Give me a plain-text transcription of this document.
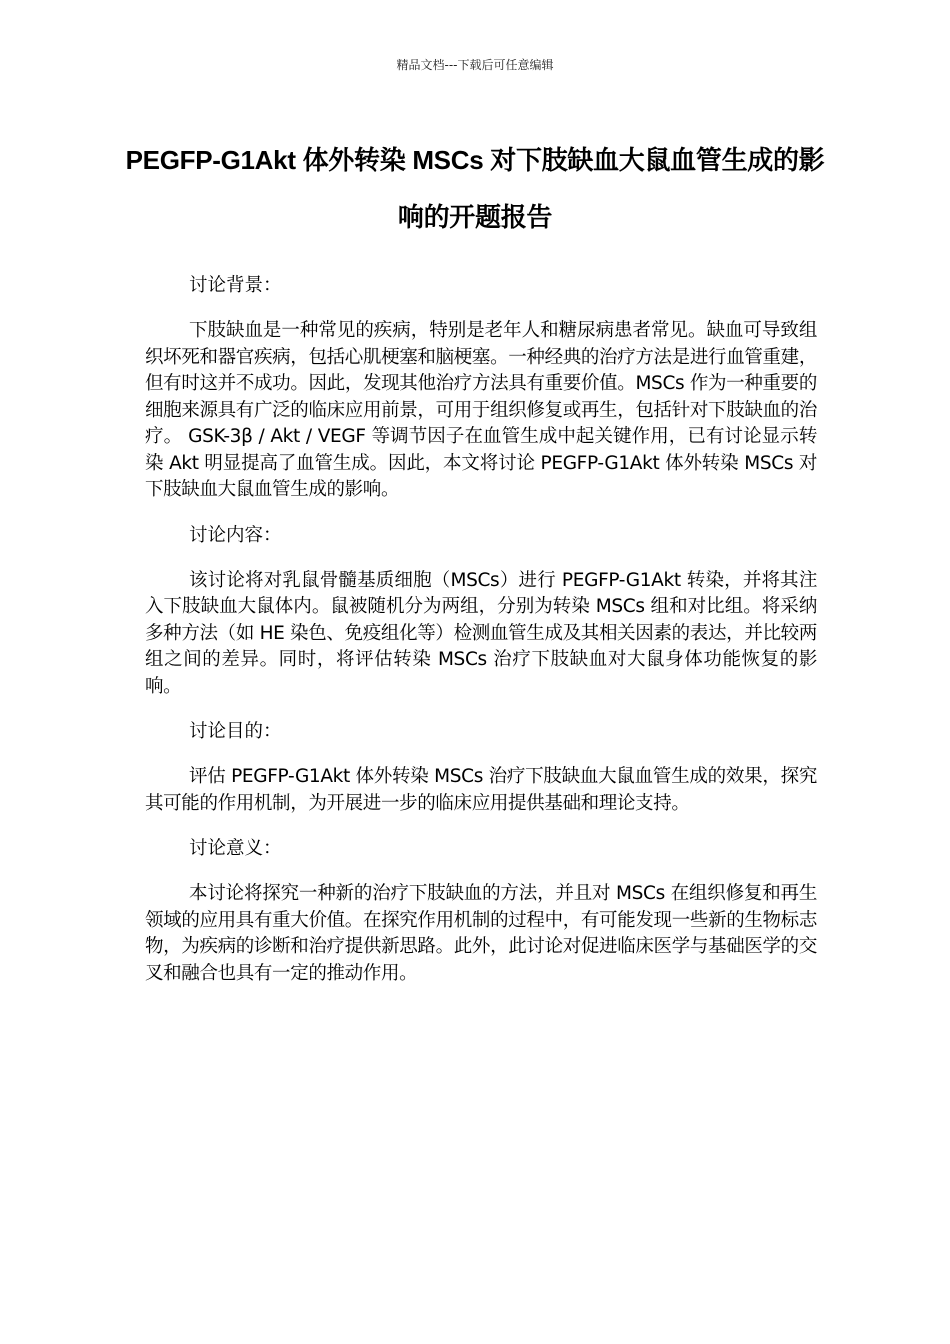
精品文档---下载后可任意编辑
PEGFP-G1Akt 体外转染 MSCs 对下肢缺血大鼠血管生成的影响的开题报告

讨论背景：

下肢缺血是一种常见的疾病，特别是老年人和糖尿病患者常见。缺血可导致组织坏死和器官疾病，包括心肌梗塞和脑梗塞。一种经典的治疗方法是进行血管重建，但有时这并不成功。因此，发现其他治疗方法具有重要价值。MSCs 作为一种重要的细胞来源具有广泛的临床应用前景，可用于组织修复或再生，包括针对下肢缺血的治疗。 GSK-3β / Akt / VEGF 等调节因子在血管生成中起关键作用，已有讨论显示转染 Akt 明显提高了血管生成。因此，本文将讨论 PEGFP-G1Akt 体外转染 MSCs 对下肢缺血大鼠血管生成的影响。

讨论内容：

该讨论将对乳鼠骨髓基质细胞（MSCs）进行 PEGFP-G1Akt 转染，并将其注入下肢缺血大鼠体内。鼠被随机分为两组，分别为转染 MSCs 组和对比组。将采纳多种方法（如 HE 染色、免疫组化等）检测血管生成及其相关因素的表达，并比较两组之间的差异。同时，将评估转染 MSCs 治疗下肢缺血对大鼠身体功能恢复的影响。

讨论目的：

评估 PEGFP-G1Akt 体外转染 MSCs 治疗下肢缺血大鼠血管生成的效果，探究其可能的作用机制，为开展进一步的临床应用提供基础和理论支持。

讨论意义：

本讨论将探究一种新的治疗下肢缺血的方法，并且对 MSCs 在组织修复和再生领域的应用具有重大价值。在探究作用机制的过程中，有可能发现一些新的生物标志物，为疾病的诊断和治疗提供新思路。此外，此讨论对促进临床医学与基础医学的交叉和融合也具有一定的推动作用。
